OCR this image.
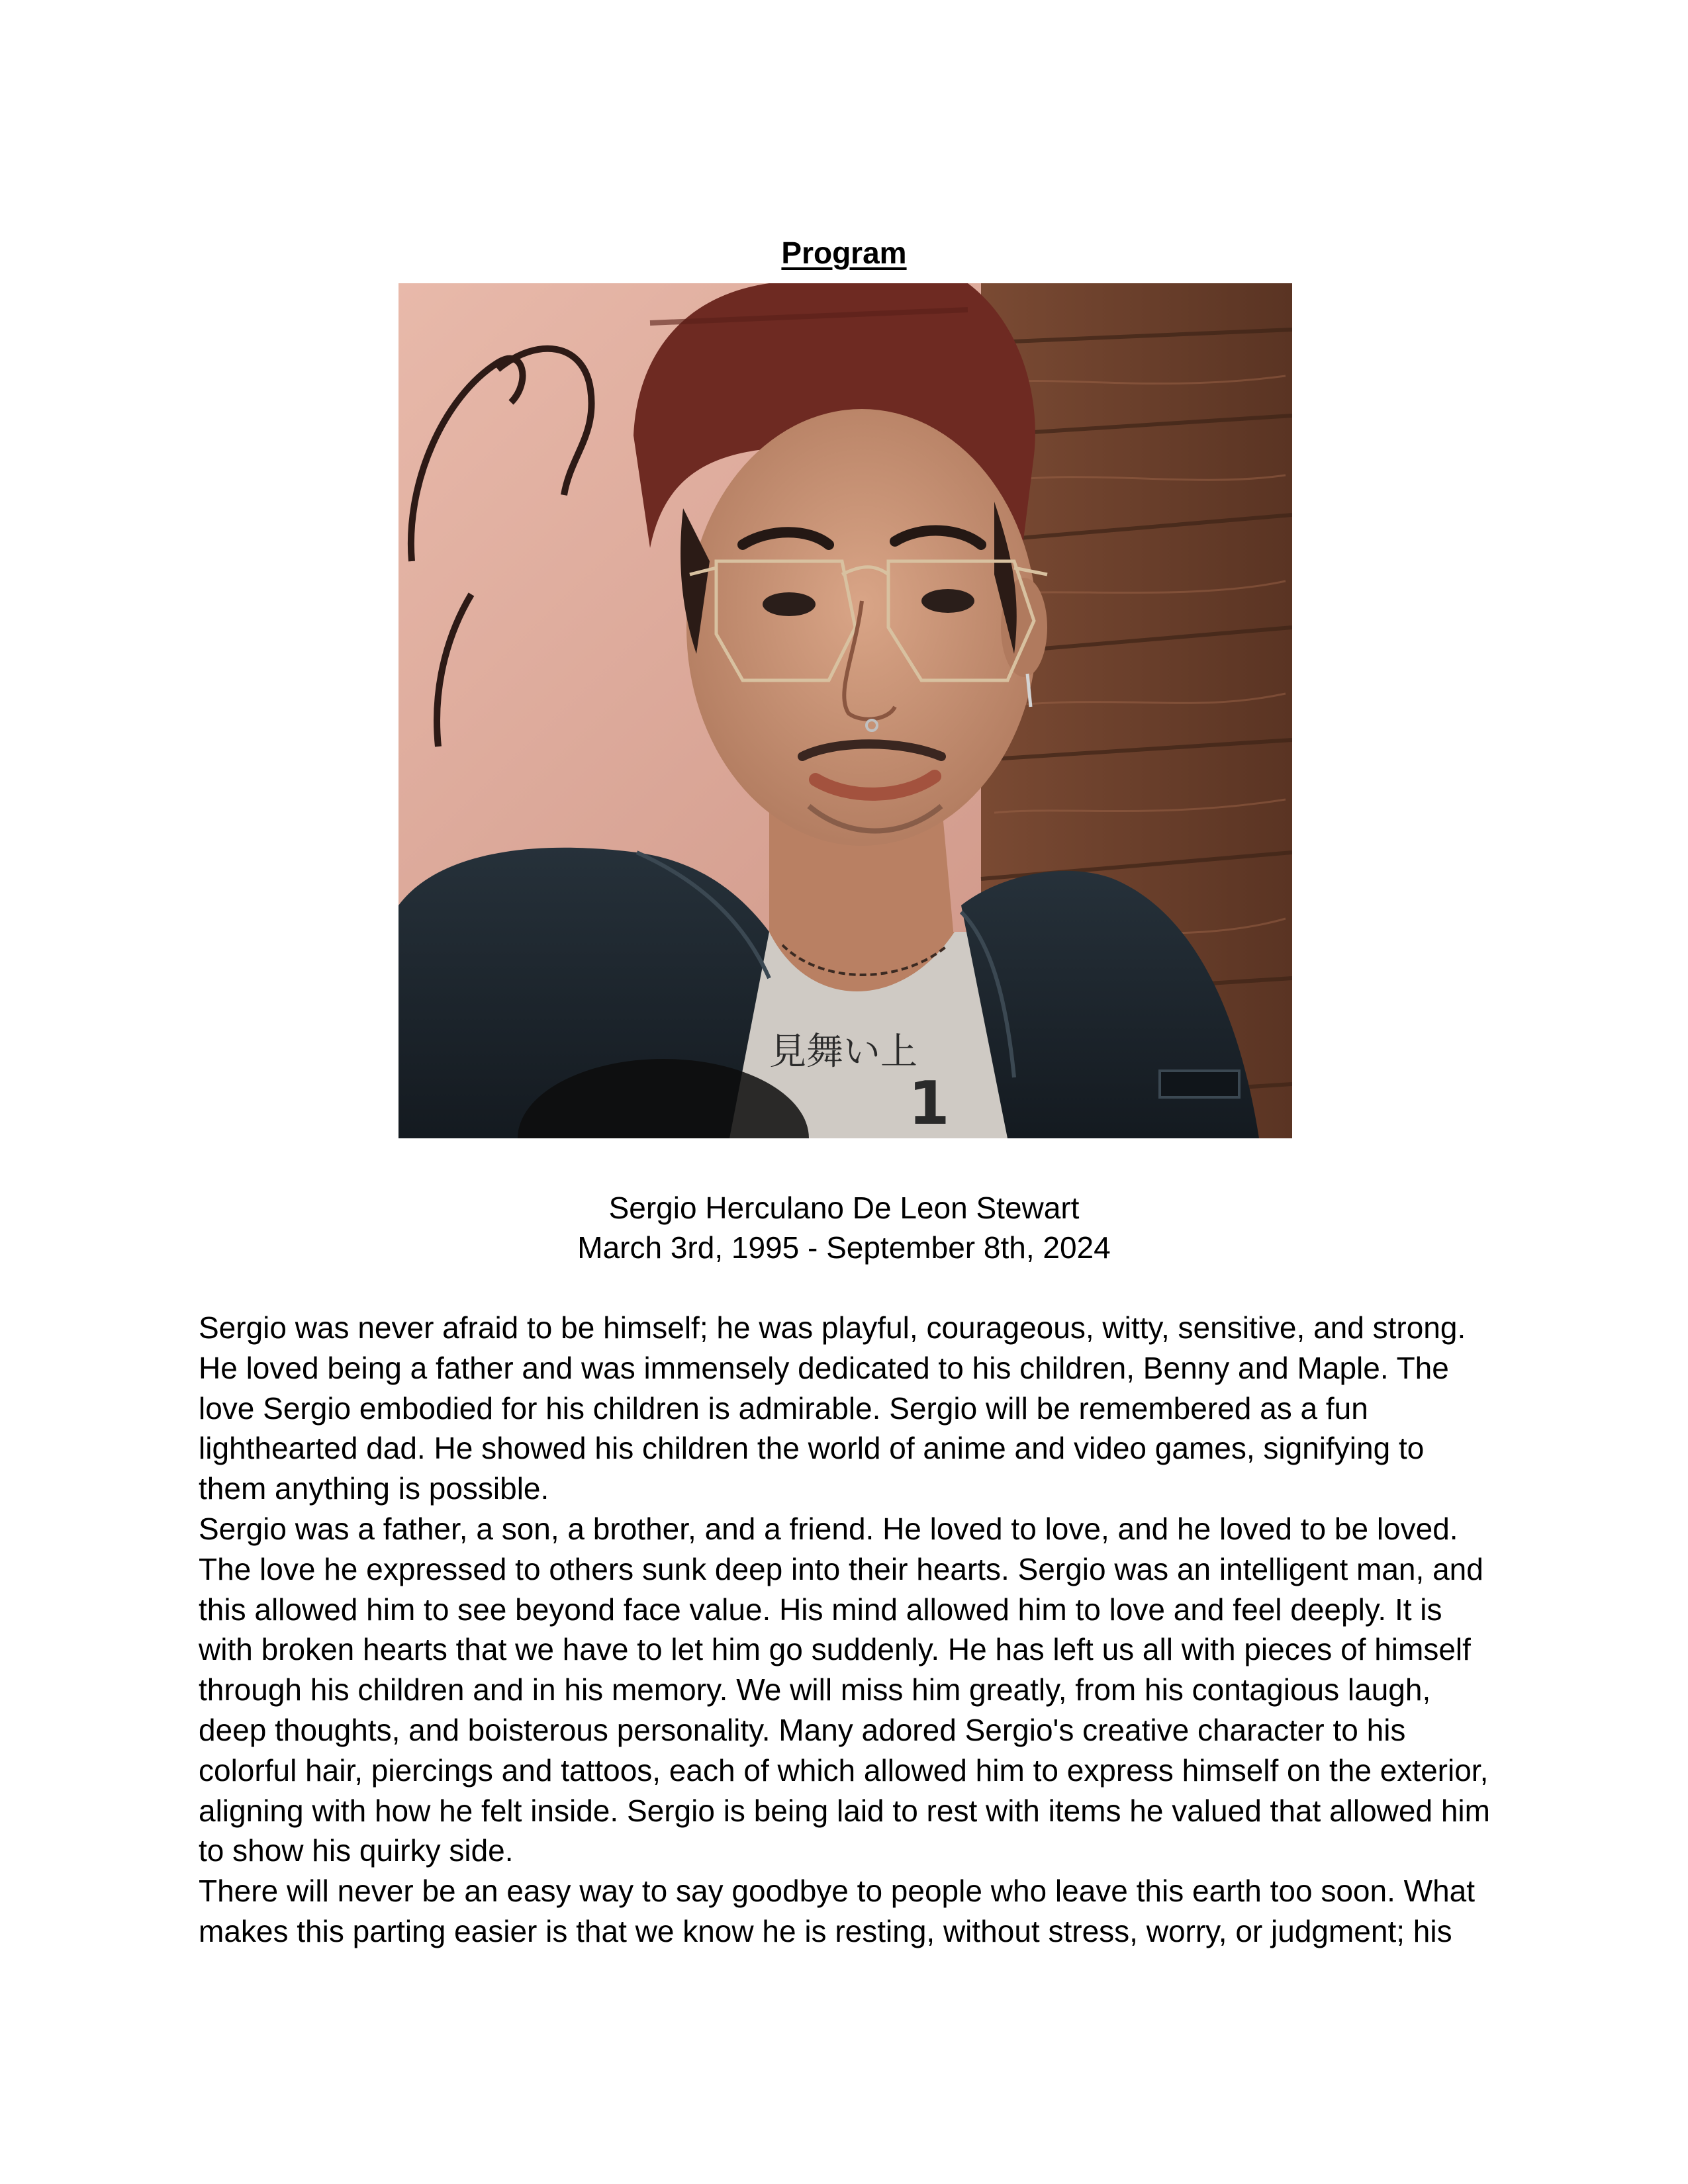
Program
見舞い上
1
Sergio Herculano De Leon Stewart
March 3rd, 1995 - September 8th, 2024

Sergio was never afraid to be himself; he was playful, courageous, witty, sensitive, and strong. He loved being a father and was immensely dedicated to his children, Benny and Maple. The love Sergio embodied for his children is admirable. Sergio will be remembered as a fun lighthearted dad. He showed his children the world of anime and video games, signifying to them anything is possible.

Sergio was a father, a son, a brother, and a friend. He loved to love, and he loved to be loved. The love he expressed to others sunk deep into their hearts. Sergio was an intelligent man, and this allowed him to see beyond face value. His mind allowed him to love and feel deeply. It is with broken hearts that we have to let him go suddenly. He has left us all with pieces of himself through his children and in his memory. We will miss him greatly, from his contagious laugh, deep thoughts, and boisterous personality. Many adored Sergio's creative character to his colorful hair, piercings and tattoos, each of which allowed him to express himself on the exterior, aligning with how he felt inside. Sergio is being laid to rest with items he valued that allowed him to show his quirky side.

There will never be an easy way to say goodbye to people who leave this earth too soon. What makes this parting easier is that we know he is resting, without stress, worry, or judgment; his
